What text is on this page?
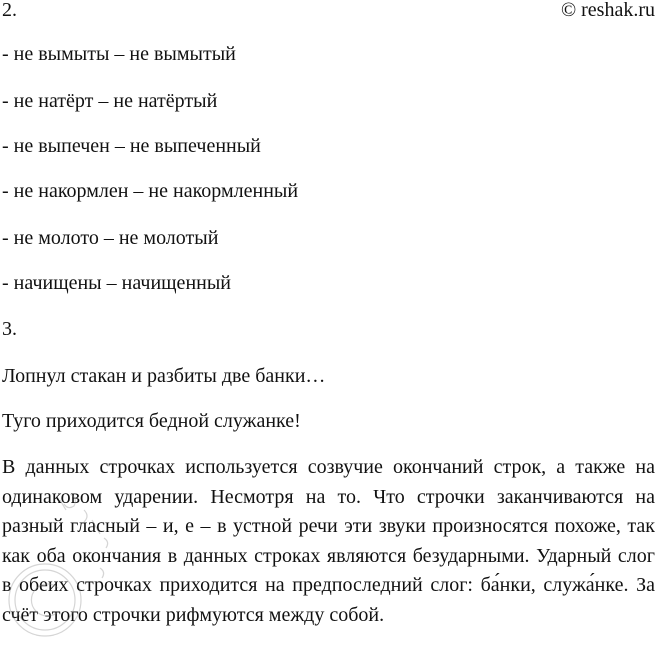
2.	© reshak.ru
- не вымыты – не вымытый
- не натёрт – не натёртый
- не выпечен – не выпеченный
- не накормлен – не накормленный
- не молото – не молотый
- начищены – начищенный
3.
Лопнул стакан и разбиты две банки…
Туго приходится бедной служанке!
В данных строчках используется созвучие окончаний строк, а также на одинаковом ударении. Несмотря на то. Что строчки заканчиваются на разный гласный – и, е – в устной речи эти звуки произносятся похоже, так как оба окончания в данных строках являются безударными. Ударный слог в обеих строчках приходится на предпоследний слог: ба́нки, служа́нке. За счёт этого строчки рифмуются между собой.
